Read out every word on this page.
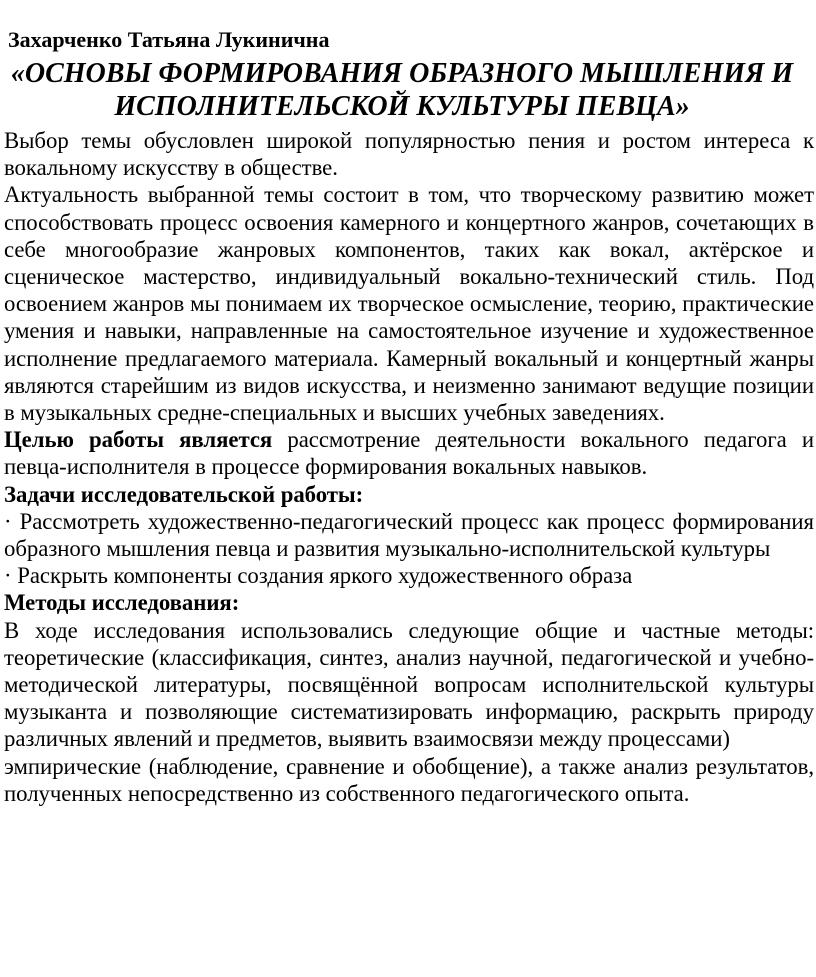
Захарченко Татьяна Лукинична
«ОСНОВЫ ФОРМИРОВАНИЯ ОБРАЗНОГО МЫШЛЕНИЯ И ИСПОЛНИТЕЛЬСКОЙ КУЛЬТУРЫ ПЕВЦА»

Выбор темы обусловлен широкой популярностью пения и ростом интереса к вокальному искусству в обществе.

Актуальность выбранной темы состоит в том, что творческому развитию может способствовать процесс освоения камерного и концертного жанров, сочетающих в себе многообразие жанровых компонентов, таких как вокал, актёрское и сценическое мастерство, индивидуальный вокально-технический стиль. Под освоением жанров мы понимаем их творческое осмысление, теорию, практические умения и навыки, направленные на самостоятельное изучение и художественное исполнение предлагаемого материала. Камерный вокальный и концертный жанры являются старейшим из видов искусства, и неизменно занимают ведущие позиции в музыкальных средне-специальных и высших учебных заведениях.

Целью работы является рассмотрение деятельности вокального педагога и певца-исполнителя в процессе формирования вокальных навыков.

Задачи исследовательской работы:

· Рассмотреть художественно-педагогический процесс как процесс формирования образного мышления певца и развития музыкально-исполнительской культуры

· Раскрыть компоненты создания яркого художественного образа

Методы исследования:

В ходе исследования использовались следующие общие и частные методы: теоретические (классификация, синтез, анализ научной, педагогической и учебно-методической литературы, посвящённой вопросам исполнительской культуры музыканта и позволяющие систематизировать информацию, раскрыть природу различных явлений и предметов, выявить взаимосвязи между процессами)

эмпирические (наблюдение, сравнение и обобщение), а также анализ результатов, полученных непосредственно из собственного педагогического опыта.
